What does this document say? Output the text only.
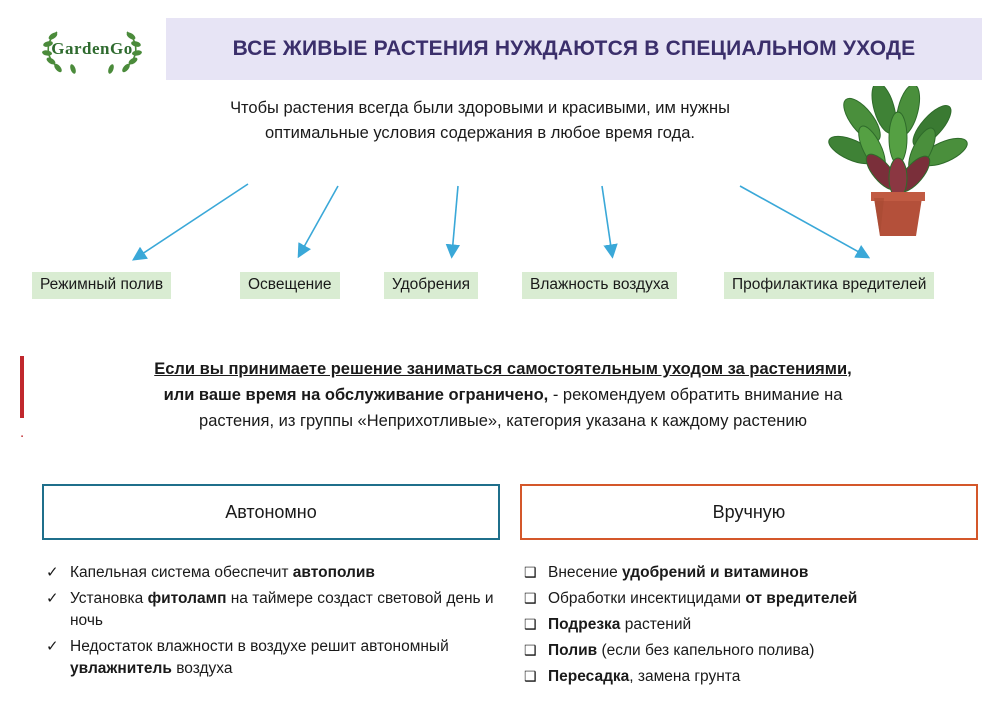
GardenGo	ВСЕ ЖИВЫЕ РАСТЕНИЯ НУЖДАЮТСЯ В СПЕЦИАЛЬНОМ УХОДЕ
Чтобы растения всегда были здоровыми и красивыми, им нужны
оптимальные условия содержания в любое время года.
Режимный полив	Освещение	Удобрения	Влажность воздуха	Профилактика вредителей
.
Если вы принимаете решение заниматься самостоятельным уходом за растениями,
или ваше время на обслуживание ограничено, - рекомендуем обратить внимание на
растения, из группы «Неприхотливые», категория указана к каждому растению
Автономно	Вручную
✓ Капельная система обеспечит автополив
✓ Установка фитоламп на таймере создаст световой день и ночь
✓ Недостаток влажности в воздухе решит автономный увлажнитель воздуха
❑ Внесение удобрений и витаминов
❑ Обработки инсектицидами от вредителей
❑ Подрезка растений
❑ Полив (если без капельного полива)
❑ Пересадка, замена грунта
